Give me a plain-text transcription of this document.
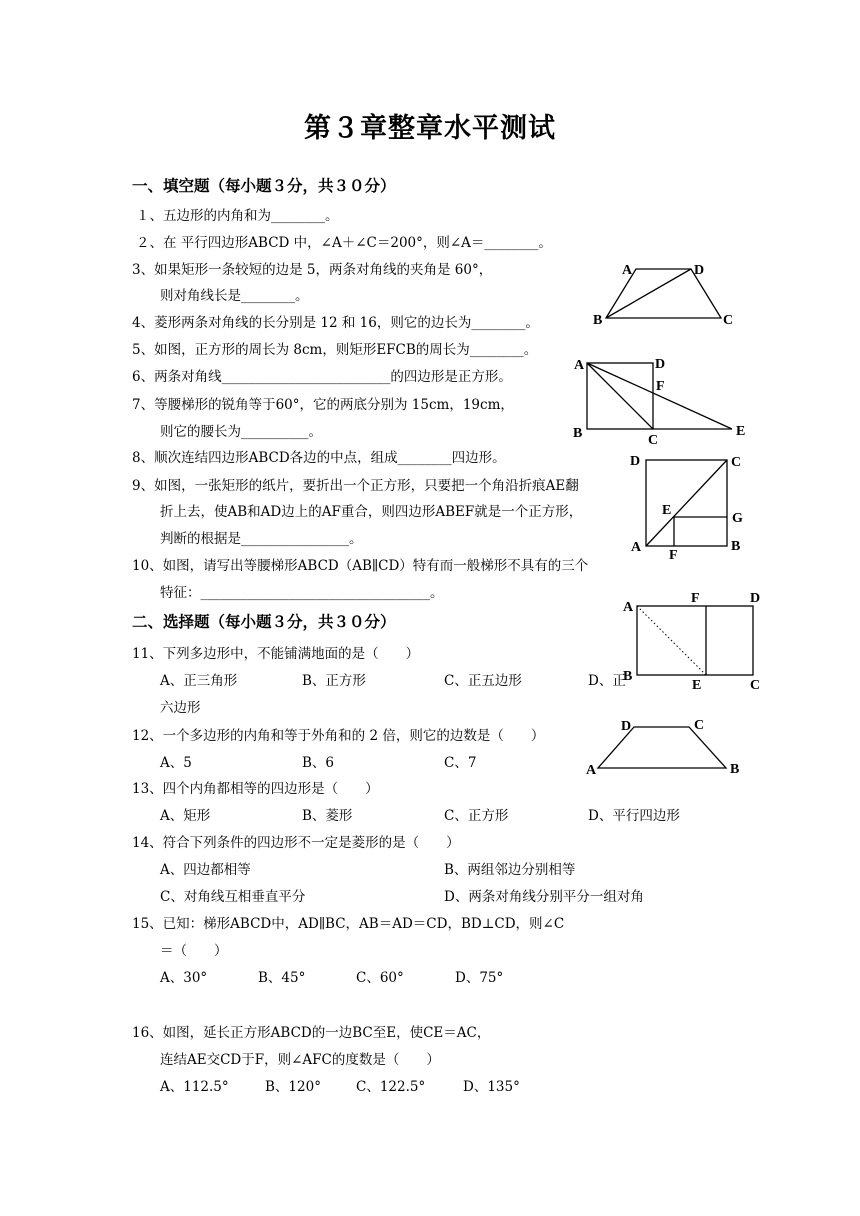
第３章整章水平测试
一、填空题（每小题３分，共３０分）
１、五边形的内角和为________。
２、在 平行四边形ABCD 中，∠A＋∠C＝200°，则∠A＝________。
3、如果矩形一条较短的边是 5，两条对角线的夹角是 60°，
则对角线长是________。
4、菱形两条对角线的长分别是 12 和 16，则它的边长为________。
5、如图，正方形的周长为 8cm，则矩形EFCB的周长为________。
6、两条对角线_________________________的四边形是正方形。
7、等腰梯形的锐角等于60°，它的两底分别为 15cm，19cm，
则它的腰长为__________。
8、顺次连结四边形ABCD各边的中点，组成________四边形。
9、如图，一张矩形的纸片，要折出一个正方形，只要把一个角沿折痕AE翻
折上去，使AB和AD边上的AF重合，则四边形ABEF就是一个正方形，
判断的根据是________________。
10、如图，请写出等腰梯形ABCD（AB∥CD）特有而一般梯形不具有的三个
特征：__________________________________。
二、选择题（每小题３分，共３０分）
11、下列多边形中，不能铺满地面的是（　　）
A、正三角形	B、正方形	C、正五边形	D、正
六边形
12、一个多边形的内角和等于外角和的 2 倍，则它的边数是（　　）
A、5	B、6	C、7
13、四个内角都相等的四边形是（　　）
A、矩形	B、菱形	C、正方形	D、平行四边形
14、符合下列条件的四边形不一定是菱形的是（　　）
A、四边都相等	B、两组邻边分别相等
C、对角线互相垂直平分	D、两条对角线分别平分一组对角
15、已知：梯形ABCD中，AD∥BC，AB＝AD＝CD，BD⊥CD，则∠C
＝（　　）
A、30°	B、45°	C、60°	D、75°
16、如图，延长正方形ABCD的一边BC至E，使CE＝AC，
连结AE交CD于F，则∠AFC的度数是（　　）
A、112.5°	B、120°	C、122.5°	D、135°
A	D
B	C
A	D
F
B	C
E
D	C
E
G
A
F
B
A
F	D
B
E	C
D	C
A	B
